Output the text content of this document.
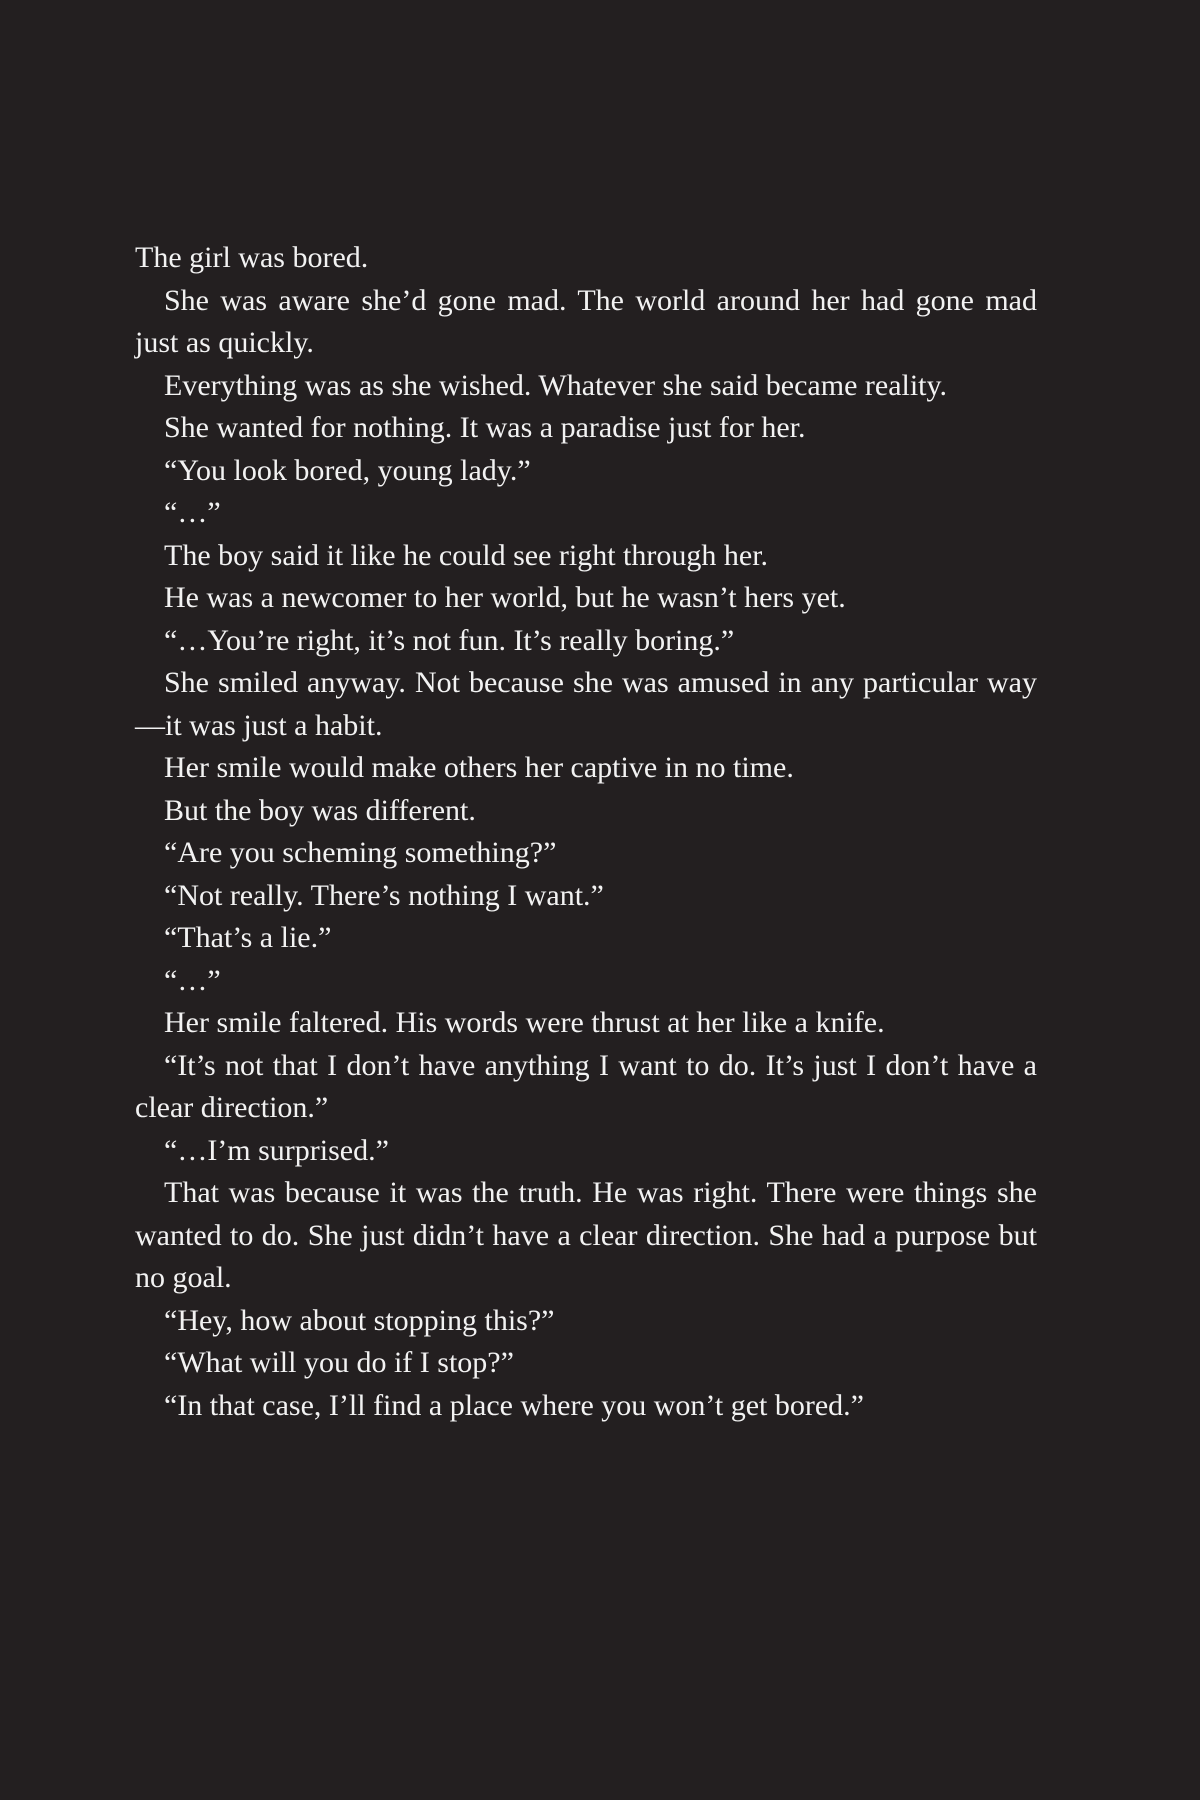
The girl was bored.

She was aware she’d gone mad. The world around her had gone mad just as quickly.

Everything was as she wished. Whatever she said became reality.

She wanted for nothing. It was a paradise just for her.

“You look bored, young lady.”

“…”

The boy said it like he could see right through her.

He was a newcomer to her world, but he wasn’t hers yet.

“…You’re right, it’s not fun. It’s really boring.”

She smiled anyway. Not because she was amused in any particular way—it was just a habit.

Her smile would make others her captive in no time.

But the boy was different.

“Are you scheming something?”

“Not really. There’s nothing I want.”

“That’s a lie.”

“…”

Her smile faltered. His words were thrust at her like a knife.

“It’s not that I don’t have anything I want to do. It’s just I don’t have a clear direction.”

“…I’m surprised.”

That was because it was the truth. He was right. There were things she wanted to do. She just didn’t have a clear direction. She had a purpose but no goal.

“Hey, how about stopping this?”

“What will you do if I stop?”

“In that case, I’ll find a place where you won’t get bored.”
